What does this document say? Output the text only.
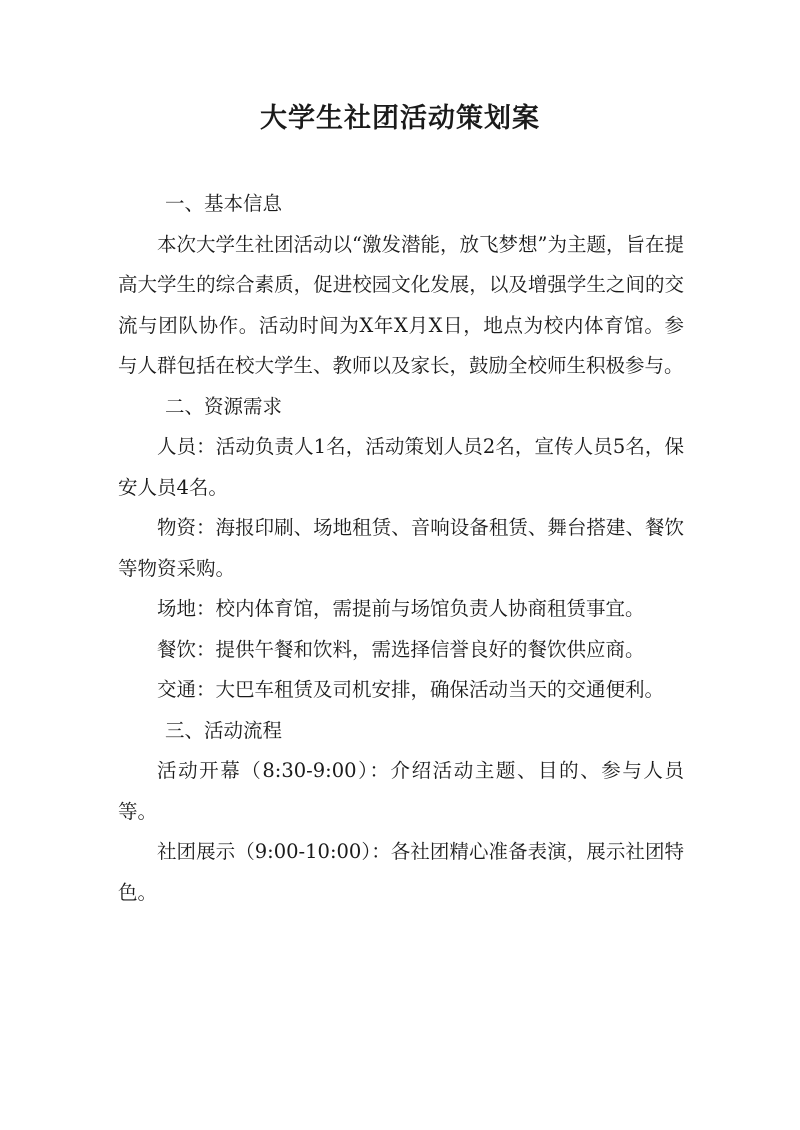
大学生社团活动策划案

一、基本信息

本次大学生社团活动以“激发潜能，放飞梦想”为主题，旨在提高大学生的综合素质，促进校园文化发展，以及增强学生之间的交流与团队协作。活动时间为X年X月X日，地点为校内体育馆。参与人群包括在校大学生、教师以及家长，鼓励全校师生积极参与。

二、资源需求

人员：活动负责人1名，活动策划人员2名，宣传人员5名，保安人员4名。

物资：海报印刷、场地租赁、音响设备租赁、舞台搭建、餐饮等物资采购。

场地：校内体育馆，需提前与场馆负责人协商租赁事宜。

餐饮：提供午餐和饮料，需选择信誉良好的餐饮供应商。

交通：大巴车租赁及司机安排，确保活动当天的交通便利。

三、活动流程

活动开幕（8:30-9:00）：介绍活动主题、目的、参与人员等。

社团展示（9:00-10:00）：各社团精心准备表演，展示社团特色。
